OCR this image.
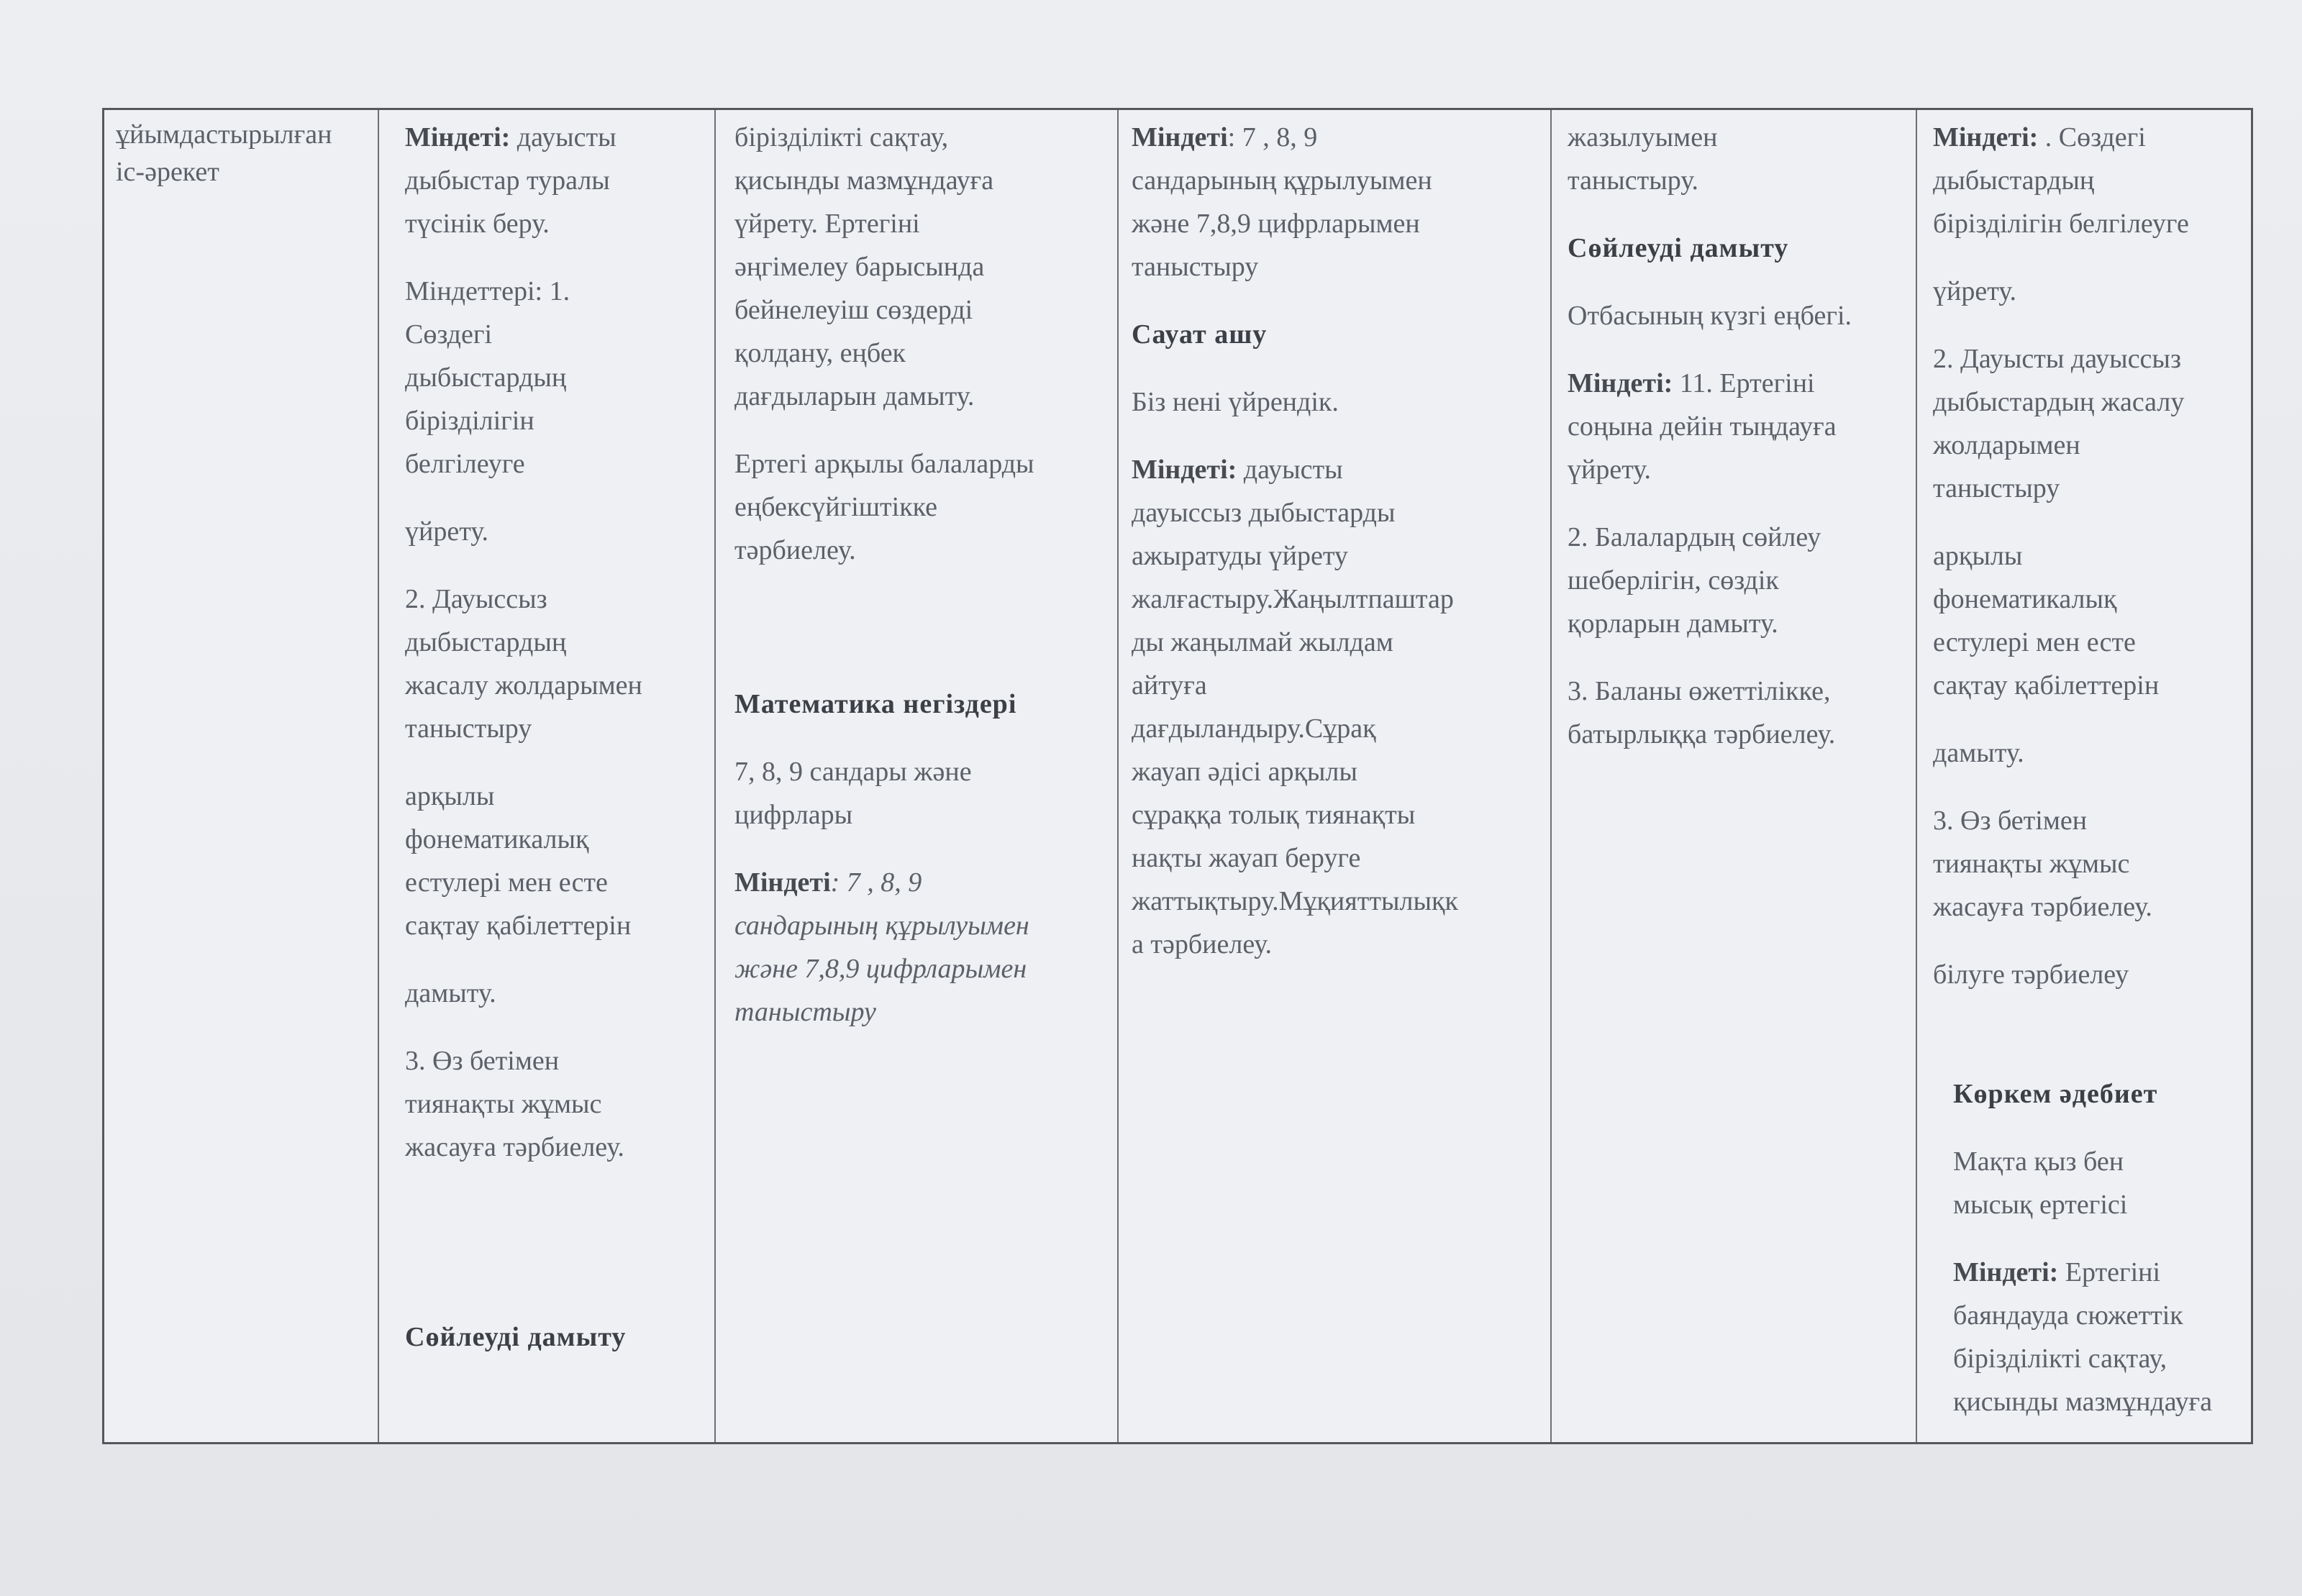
ұйымдастырылған
іс-әрекет

Міндеті: дауысты
дыбыстар туралы
түсінік беру.

Міндеттері: 1.
Сөздегі
дыбыстардың
бірізділігін
белгілеуге

үйрету.

2. Дауыссыз
дыбыстардың
жасалу жолдарымен
таныстыру

арқылы
фонематикалық
естулері мен есте
сақтау қабілеттерін

дамыту.

3. Өз бетімен
тиянақты жұмыс
жасауға тәрбиелеу.

Сөйлеуді дамыту

бірізділікті сақтау,
қисынды мазмұндауға
үйрету. Ертегіні
әңгімелеу барысында
бейнелеуіш сөздерді
қолдану, еңбек
дағдыларын дамыту.

Ертегі арқылы балаларды
еңбексүйгіштікке
тәрбиелеу.

Математика негіздері

7, 8, 9 сандары және
цифрлары

Міндеті: 7 , 8, 9
сандарының құрылуымен
және 7,8,9 цифрларымен
таныстыру

Міндеті: 7 , 8, 9
сандарының құрылуымен
және 7,8,9 цифрларымен
таныстыру

Сауат ашу

Біз нені үйрендік.

Міндеті: дауысты
дауыссыз дыбыстарды
ажыратуды үйрету
жалғастыру.Жаңылтпаштар
ды жаңылмай жылдам
айтуға
дағдыландыру.Сұрақ
жауап әдісі арқылы
сұраққа толық тиянақты
нақты жауап беруге
жаттықтыру.Мұқияттылықк
а тәрбиелеу.

жазылуымен
таныстыру.

Сөйлеуді дамыту

Отбасының күзгі еңбегі.

Міндеті: 11. Ертегіні
соңына дейін тыңдауға
үйрету.

2. Балалардың сөйлеу
шеберлігін, сөздік
қорларын дамыту.

3. Баланы өжеттілікке,
батырлыққа тәрбиелеу.

Міндеті: . Сөздегі
дыбыстардың
бірізділігін белгілеуге

үйрету.

2. Дауысты дауыссыз
дыбыстардың жасалу
жолдарымен
таныстыру

арқылы
фонематикалық
естулері мен есте
сақтау қабілеттерін

дамыту.

3. Өз бетімен
тиянақты жұмыс
жасауға тәрбиелеу.

білуге тәрбиелеу

Көркем әдебиет

Мақта қыз бен
мысық ертегісі

Міндеті: Ертегіні
баяндауда сюжеттік
бірізділікті сақтау,
қисынды мазмұндауға
